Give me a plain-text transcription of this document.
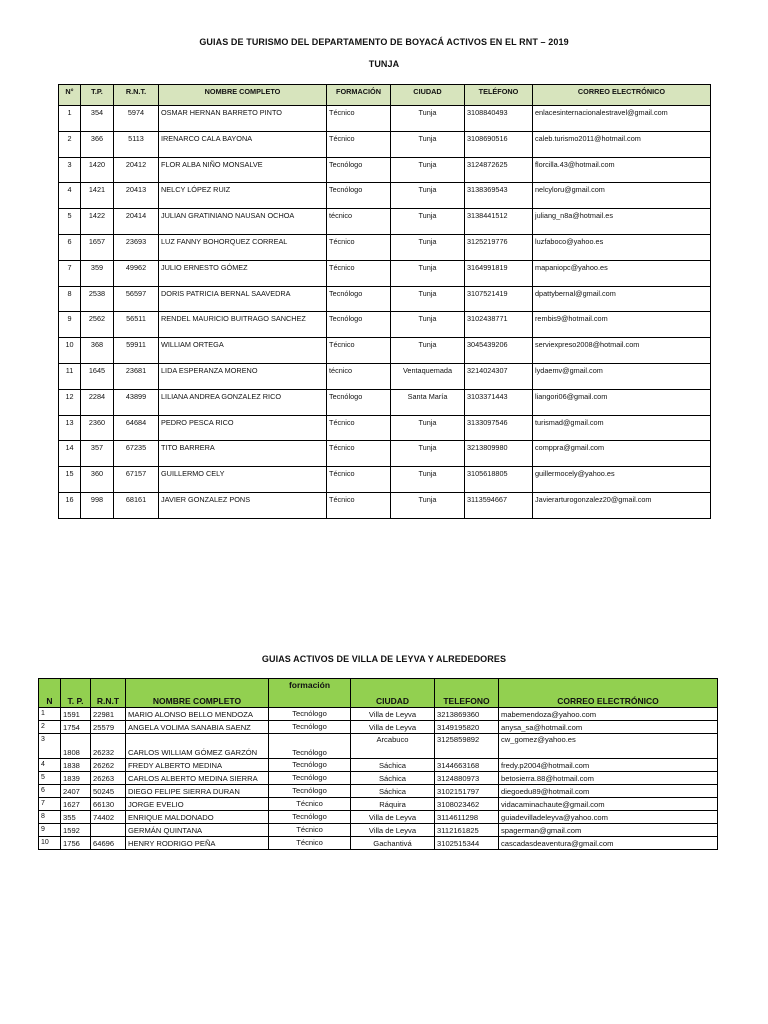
GUIAS DE TURISMO DEL DEPARTAMENTO DE BOYACÁ ACTIVOS EN EL RNT – 2019
TUNJA
N°	T.P.	R.N.T.	NOMBRE COMPLETO	FORMACIÓN	CIUDAD	TELÉFONO	CORREO ELECTRÓNICO
1	354	5974	OSMAR HERNAN BARRETO PINTO	Técnico	Tunja	3108840493	enlacesinternacionalestravel@gmail.com
2	366	5113	IRENARCO CALA BAYONA	Técnico	Tunja	3108690516	caleb.turismo2011@hotmail.com
3	1420	20412	FLOR ALBA NIÑO MONSALVE	Tecnólogo	Tunja	3124872625	florcilla.43@hotmail.com
4	1421	20413	NELCY LÓPEZ RUIZ	Tecnólogo	Tunja	3138369543	nelcyloru@gmail.com
5	1422	20414	JULIAN GRATINIANO NAUSAN OCHOA	técnico	Tunja	3138441512	juliang_n8a@hotmail.es
6	1657	23693	LUZ FANNY BOHORQUEZ CORREAL	Técnico	Tunja	3125219776	luzfaboco@yahoo.es
7	359	49962	JULIO ERNESTO GÓMEZ	Técnico	Tunja	3164991819	mapaniopc@yahoo.es
8	2538	56597	DORIS PATRICIA BERNAL SAAVEDRA	Tecnólogo	Tunja	3107521419	dpattybernal@gmail.com
9	2562	56511	RENDEL MAURICIO BUITRAGO SANCHEZ	Tecnólogo	Tunja	3102438771	rembis9@hotmail.com
10	368	59911	WILLIAM ORTEGA	Técnico	Tunja	3045439206	serviexpreso2008@hotmail.com
11	1645	23681	LIDA ESPERANZA MORENO	técnico	Ventaquemada	3214024307	lydaemv@gmail.com
12	2284	43899	LILIANA ANDREA GONZALEZ RICO	Tecnólogo	Santa María	3103371443	liangori06@gmail.com
13	2360	64684	PEDRO PESCA RICO	Técnico	Tunja	3133097546	turismad@gmail.com
14	357	67235	TITO BARRERA	Técnico	Tunja	3213809980	comppra@gmail.com
15	360	67157	GUILLERMO CELY	Técnico	Tunja	3105618805	guillermocely@yahoo.es
16	998	68161	JAVIER GONZALEZ PONS	Técnico	Tunja	3113594667	Javierarturogonzalez20@gmail.com
GUIAS ACTIVOS DE VILLA DE LEYVA Y ALREDEDORES
N	T. P.	R.N.T	NOMBRE COMPLETO	formación	CIUDAD	TELEFONO	CORREO ELECTRÓNICO
1	1591	22981	MARIO ALONSO BELLO MENDOZA	Tecnólogo	Villa de Leyva	3213869360	mabemendoza@yahoo.com
2	1754	25579	ANGELA VOLIMA SANABIA SAENZ	Tecnólogo	Villa de Leyva	3149195820	anysa_sa@hotmail.com
3	1808	26232	CARLOS WILLIAM GÓMEZ GARZÓN	Tecnólogo	Arcabuco	3125859892	cw_gomez@yahoo.es
4	1838	26262	FREDY ALBERTO MEDINA	Tecnólogo	Sáchica	3144663168	fredy.p2004@hotmail.com
5	1839	26263	CARLOS ALBERTO MEDINA SIERRA	Tecnólogo	Sáchica	3124880973	betosierra.88@hotmail.com
6	2407	50245	DIEGO FELIPE SIERRA DURAN	Tecnólogo	Sáchica	3102151797	diegoedu89@hotmail.com
7	1627	66130	JORGE EVELIO	Técnico	Ráquira	3108023462	vidacaminachaute@gmail.com
8	355	74402	ENRIQUE MALDONADO	Tecnólogo	Villa de Leyva	3114611298	guiadevilladeleyva@yahoo.com
9	1592		GERMÁN QUINTANA	Técnico	Villa de Leyva	3112161825	spagerman@gmail.com
10	1756	64696	HENRY RODRIGO PEÑA	Técnico	Gachantivá	3102515344	cascadasdeaventura@gmail.com
